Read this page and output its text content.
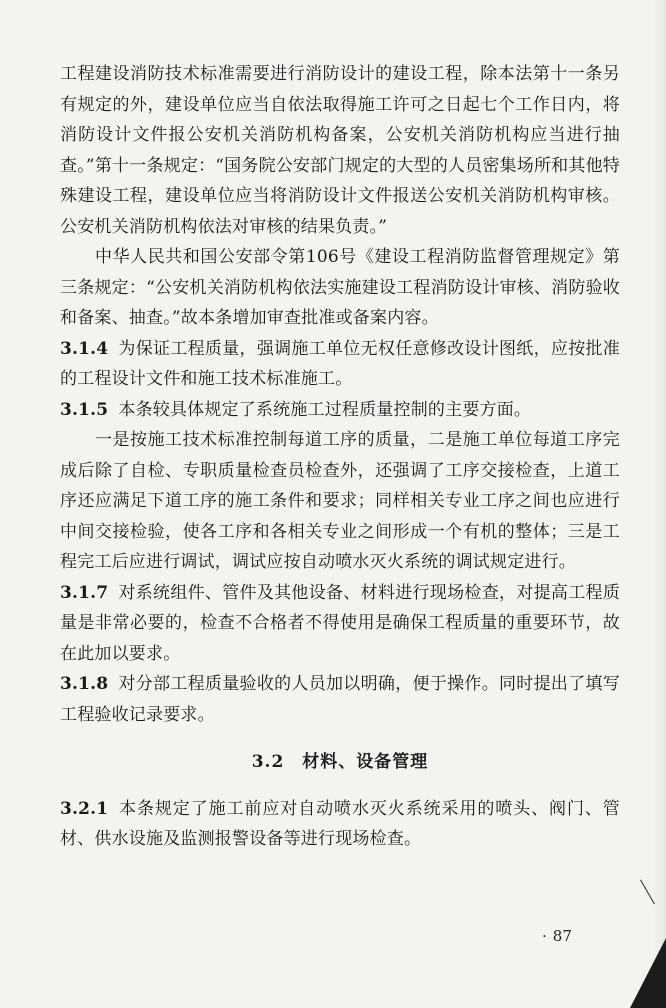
工程建设消防技术标准需要进行消防设计的建设工程，除本法第十一条另有规定的外，建设单位应当自依法取得施工许可之日起七个工作日内，将消防设计文件报公安机关消防机构备案，公安机关消防机构应当进行抽查。”第十一条规定：“国务院公安部门规定的大型的人员密集场所和其他特殊建设工程，建设单位应当将消防设计文件报送公安机关消防机构审核。公安机关消防机构依法对审核的结果负责。”

中华人民共和国公安部令第106号《建设工程消防监督管理规定》第三条规定：“公安机关消防机构依法实施建设工程消防设计审核、消防验收和备案、抽查。”故本条增加审查批准或备案内容。

3.1.4 为保证工程质量，强调施工单位无权任意修改设计图纸，应按批准的工程设计文件和施工技术标准施工。

3.1.5 本条较具体规定了系统施工过程质量控制的主要方面。

一是按施工技术标准控制每道工序的质量，二是施工单位每道工序完成后除了自检、专职质量检查员检查外，还强调了工序交接检查，上道工序还应满足下道工序的施工条件和要求；同样相关专业工序之间也应进行中间交接检验，使各工序和各相关专业之间形成一个有机的整体；三是工程完工后应进行调试，调试应按自动喷水灭火系统的调试规定进行。

3.1.7 对系统组件、管件及其他设备、材料进行现场检查，对提高工程质量是非常必要的，检查不合格者不得使用是确保工程质量的重要环节，故在此加以要求。

3.1.8 对分部工程质量验收的人员加以明确，便于操作。同时提出了填写工程验收记录要求。

3.2 材料、设备管理

3.2.1 本条规定了施工前应对自动喷水灭火系统采用的喷头、阀门、管材、供水设施及监测报警设备等进行现场检查。

· 87
